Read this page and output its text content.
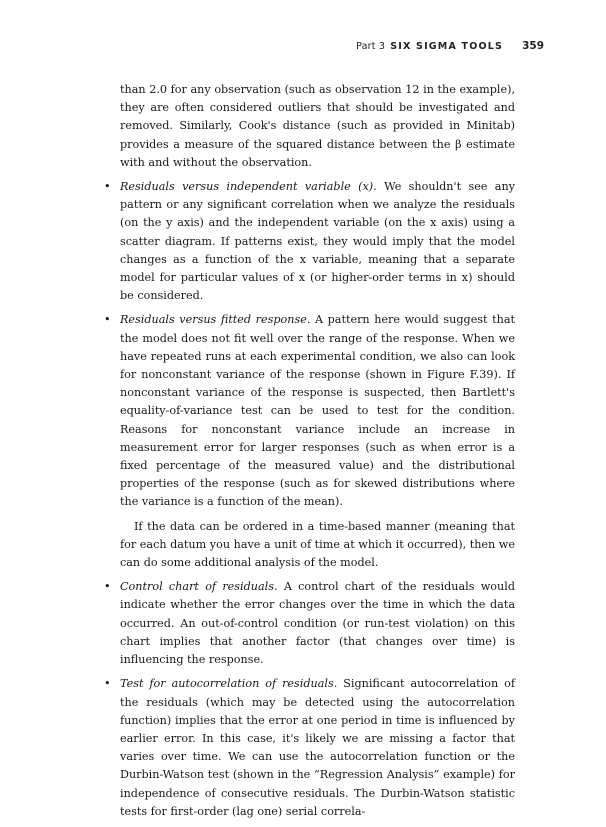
Part 3 SIX SIGMA TOOLS 359

than 2.0 for any observation (such as observation 12 in the example), they are often considered outliers that should be investigated and removed. Similarly, Cook's distance (such as provided in Minitab) provides a measure of the squared distance between the β estimate with and without the observation.

• Residuals versus independent variable (x). We shouldn't see any pattern or any significant correlation when we analyze the residuals (on the y axis) and the independent variable (on the x axis) using a scatter diagram. If patterns exist, they would imply that the model changes as a function of the x variable, meaning that a separate model for particular values of x (or higher-order terms in x) should be considered.
• Residuals versus fitted response. A pattern here would suggest that the model does not fit well over the range of the response. When we have repeated runs at each experimental condition, we also can look for nonconstant variance of the response (shown in Figure F.39). If nonconstant variance of the response is suspected, then Bartlett's equality-of-variance test can be used to test for the condition. Reasons for nonconstant variance include an increase in measurement error for larger responses (such as when error is a fixed percentage of the measured value) and the distributional properties of the response (such as for skewed distributions where the variance is a function of the mean).

If the data can be ordered in a time-based manner (meaning that for each datum you have a unit of time at which it occurred), then we can do some additional analysis of the model.

• Control chart of residuals. A control chart of the residuals would indicate whether the error changes over the time in which the data occurred. An out-of-control condition (or run-test violation) on this chart implies that another factor (that changes over time) is influencing the response.
• Test for autocorrelation of residuals. Significant autocorrelation of the residuals (which may be detected using the autocorrelation function) implies that the error at one period in time is influenced by earlier error. In this case, it's likely we are missing a factor that varies over time. We can use the autocorrelation function or the Durbin-Watson test (shown in the “Regression Analysis” example) for independence of consecutive residuals. The Durbin-Watson statistic tests for first-order (lag one) serial correla-
